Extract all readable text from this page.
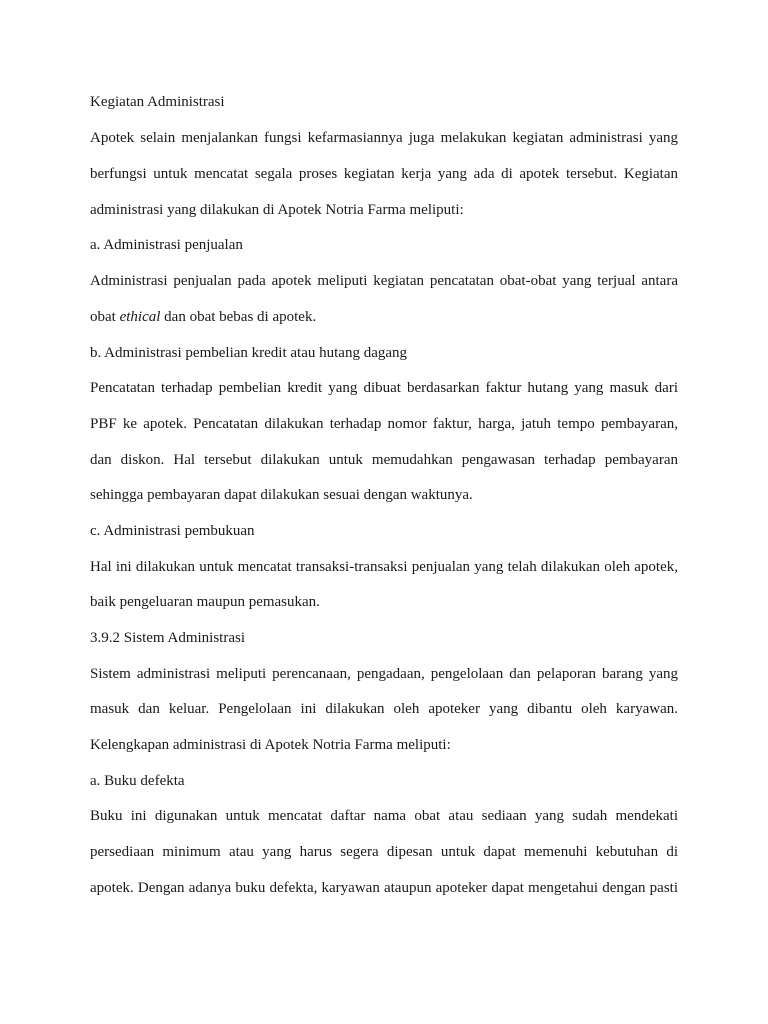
Kegiatan Administrasi
Apotek selain menjalankan fungsi kefarmasiannya juga melakukan kegiatan administrasi yang
berfungsi untuk mencatat segala proses kegiatan kerja yang ada di apotek tersebut. Kegiatan
administrasi yang dilakukan di Apotek Notria Farma meliputi:
a. Administrasi penjualan
Administrasi penjualan pada apotek meliputi kegiatan pencatatan obat-obat yang terjual antara
obat ethical dan obat bebas di apotek.
b. Administrasi pembelian kredit atau hutang dagang
Pencatatan terhadap pembelian kredit yang dibuat berdasarkan faktur hutang yang masuk dari
PBF ke apotek. Pencatatan dilakukan terhadap nomor faktur, harga, jatuh tempo pembayaran,
dan diskon. Hal tersebut dilakukan untuk memudahkan pengawasan terhadap pembayaran
sehingga pembayaran dapat dilakukan sesuai dengan waktunya.
c. Administrasi pembukuan
Hal ini dilakukan untuk mencatat transaksi-transaksi penjualan yang telah dilakukan oleh apotek,
baik pengeluaran maupun pemasukan.
3.9.2 Sistem Administrasi
Sistem administrasi meliputi perencanaan, pengadaan, pengelolaan dan pelaporan barang yang
masuk dan keluar. Pengelolaan ini dilakukan oleh apoteker yang dibantu oleh karyawan.
Kelengkapan administrasi di Apotek Notria Farma meliputi:
a. Buku defekta
Buku ini digunakan untuk mencatat daftar nama obat atau sediaan yang sudah mendekati
persediaan minimum atau yang harus segera dipesan untuk dapat memenuhi kebutuhan di
apotek. Dengan adanya buku defekta, karyawan ataupun apoteker dapat mengetahui dengan pasti
